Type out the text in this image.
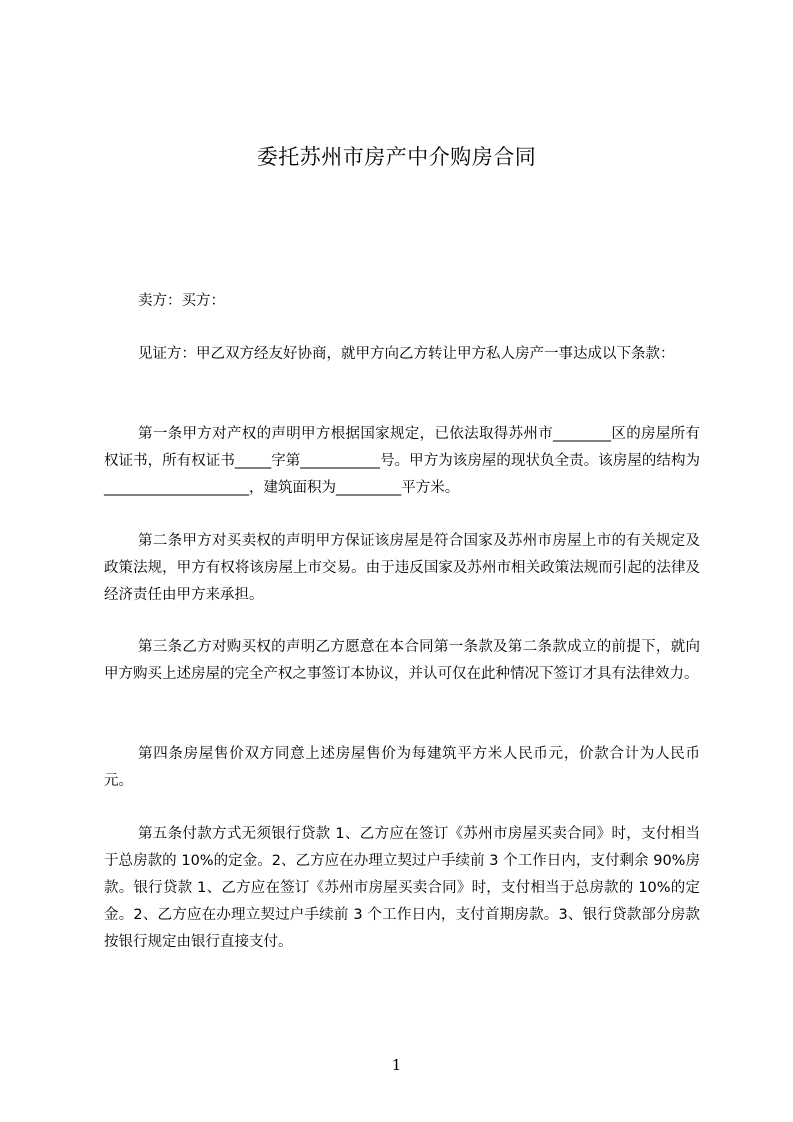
委托苏州市房产中介购房合同
卖方：买方：
见证方：甲乙双方经友好协商，就甲方向乙方转让甲方私人房产一事达成以下条款：
第一条甲方对产权的声明甲方根据国家规定，已依法取得苏州市________区的房屋所有权证书，所有权证书_____字第___________号。甲方为该房屋的现状负全责。该房屋的结构为____________________，建筑面积为_________平方米。
第二条甲方对买卖权的声明甲方保证该房屋是符合国家及苏州市房屋上市的有关规定及政策法规，甲方有权将该房屋上市交易。由于违反国家及苏州市相关政策法规而引起的法律及经济责任由甲方来承担。
第三条乙方对购买权的声明乙方愿意在本合同第一条款及第二条款成立的前提下，就向甲方购买上述房屋的完全产权之事签订本协议，并认可仅在此种情况下签订才具有法律效力。
第四条房屋售价双方同意上述房屋售价为每建筑平方米人民币元，价款合计为人民币元。
第五条付款方式无须银行贷款 1、乙方应在签订《苏州市房屋买卖合同》时，支付相当于总房款的 10%的定金。2、乙方应在办理立契过户手续前 3 个工作日内，支付剩余 90%房款。银行贷款 1、乙方应在签订《苏州市房屋买卖合同》时，支付相当于总房款的 10%的定金。2、乙方应在办理立契过户手续前 3 个工作日内，支付首期房款。3、银行贷款部分房款按银行规定由银行直接支付。
1
